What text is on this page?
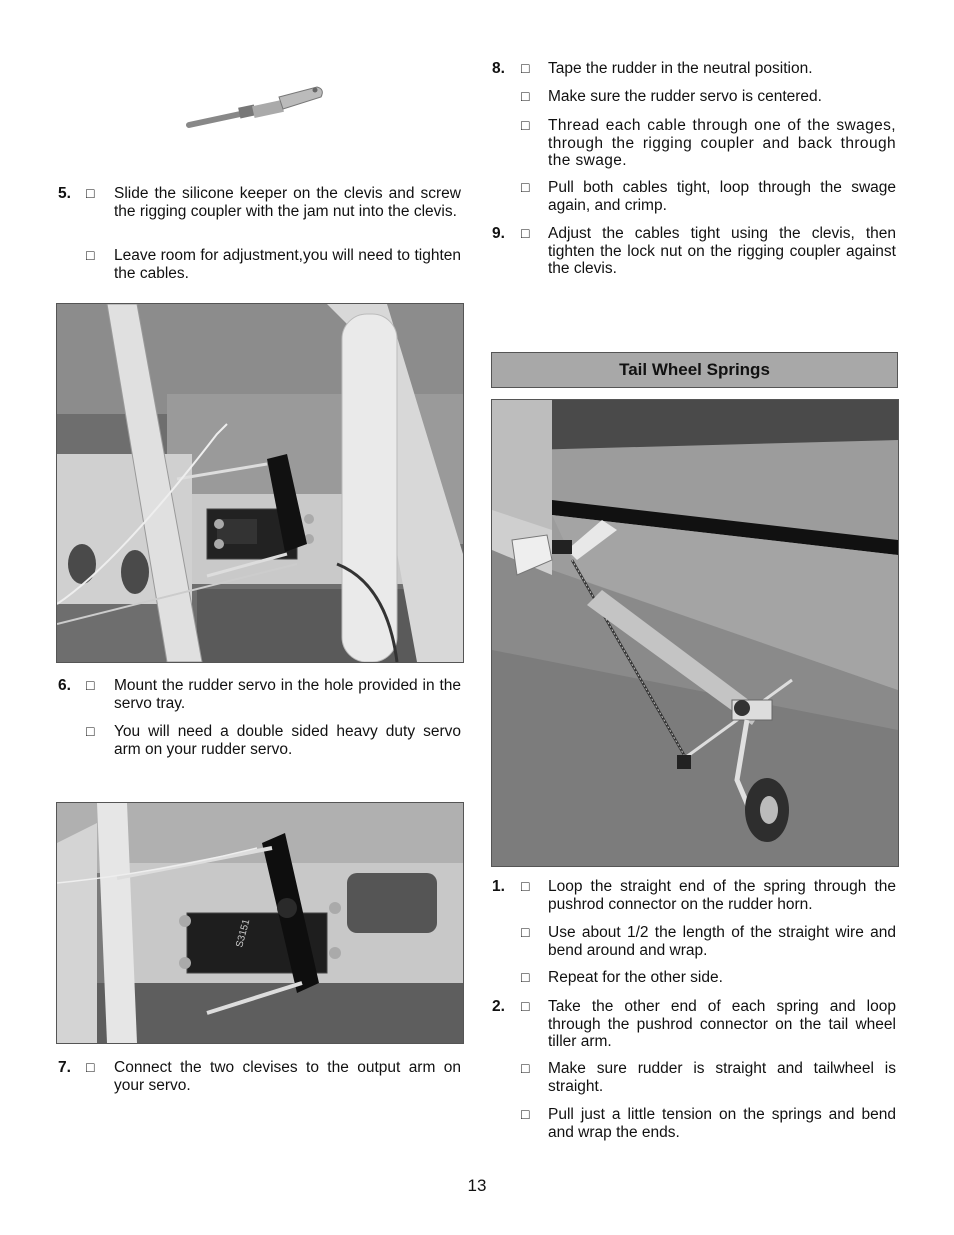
5.	□ Slide the silicone keeper on the clevis and screw the rigging coupler with the jam nut into the clevis.
□ Leave room for adjustment,you will need to tighten the cables.
6.	□ Mount the rudder servo in the hole provided in the servo tray.
□ You will need a double sided heavy duty servo arm on your rudder servo.
S3151
7.	□ Connect the two clevises to the output arm on your servo.
8.	□ Tape the rudder in the neutral position.
□ Make sure the rudder servo is centered.
□ Thread each cable through one of the swages, through the rigging coupler and back through the swage.
□ Pull both cables tight, loop through the swage again, and crimp.
9.	□ Adjust the cables tight using the clevis, then tighten the lock nut on the rigging coupler against the clevis.
Tail Wheel Springs
1.	□ Loop the straight end of the spring through the pushrod connector on the rudder horn.
□ Use about 1/2 the length of the straight wire and bend around and wrap.
□ Repeat for the other side.
2.	□ Take the other end of each spring and loop through the pushrod connector on the tail wheel tiller arm.
□ Make sure rudder is straight and tailwheel is straight.
□ Pull just a little tension on the springs and bend and wrap the ends.
13
